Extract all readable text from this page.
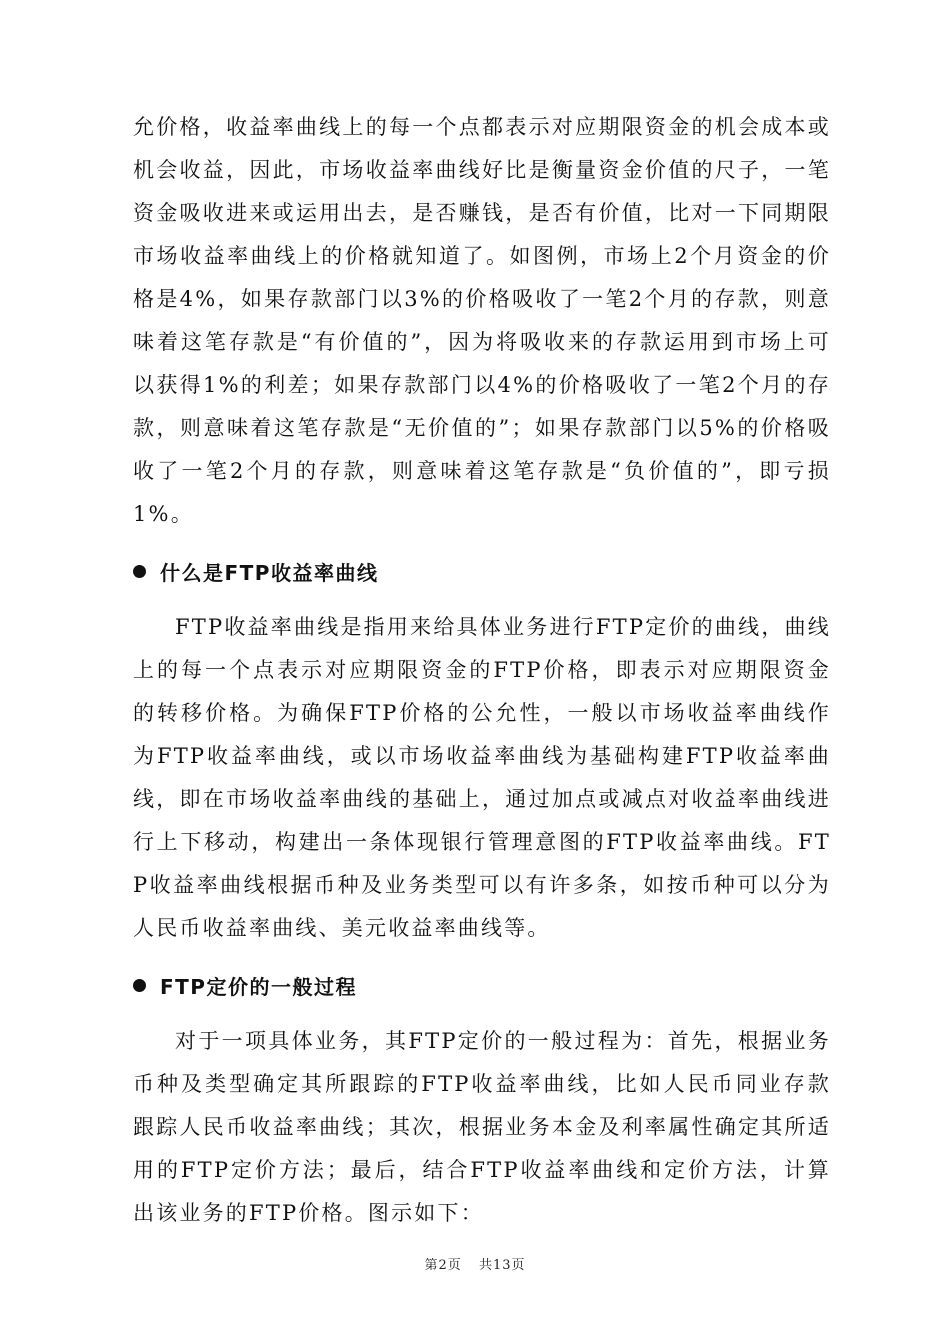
允价格，收益率曲线上的每一个点都表示对应期限资金的机会成本或机会收益，因此，市场收益率曲线好比是衡量资金价值的尺子，一笔资金吸收进来或运用出去，是否赚钱，是否有价值，比对一下同期限市场收益率曲线上的价格就知道了。如图例，市场上2个月资金的价格是4%，如果存款部门以3%的价格吸收了一笔2个月的存款，则意味着这笔存款是“有价值的”，因为将吸收来的存款运用到市场上可以获得1%的利差；如果存款部门以4%的价格吸收了一笔2个月的存款，则意味着这笔存款是“无价值的”；如果存款部门以5%的价格吸收了一笔2个月的存款，则意味着这笔存款是“负价值的”，即亏损1%。

什么是FTP收益率曲线

FTP收益率曲线是指用来给具体业务进行FTP定价的曲线，曲线上的每一个点表示对应期限资金的FTP价格，即表示对应期限资金的转移价格。为确保FTP价格的公允性，一般以市场收益率曲线作为FTP收益率曲线，或以市场收益率曲线为基础构建FTP收益率曲线，即在市场收益率曲线的基础上，通过加点或减点对收益率曲线进行上下移动，构建出一条体现银行管理意图的FTP收益率曲线。FTP收益率曲线根据币种及业务类型可以有许多条，如按币种可以分为人民币收益率曲线、美元收益率曲线等。

FTP定价的一般过程

对于一项具体业务，其FTP定价的一般过程为：首先，根据业务币种及类型确定其所跟踪的FTP收益率曲线，比如人民币同业存款跟踪人民币收益率曲线；其次，根据业务本金及利率属性确定其所适用的FTP定价方法；最后，结合FTP收益率曲线和定价方法，计算出该业务的FTP价格。图示如下：

第2页 共13页
